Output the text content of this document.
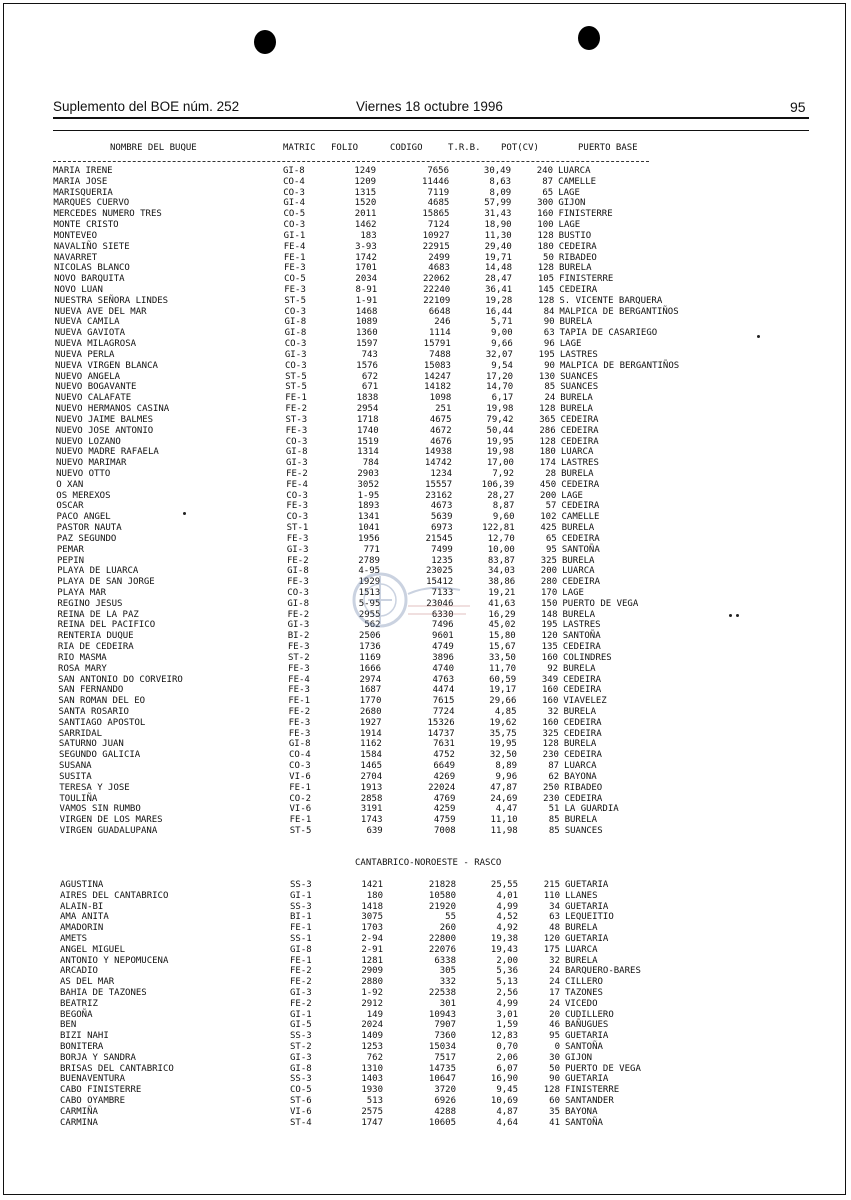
Suplemento del BOE núm. 252	Viernes 18 octubre 1996	95
NOMBRE DEL BUQUE	MATRIC FOLIO	CODIGO	T.R.B. POT(CV)	PUERTO BASE
MARIA IRENE	GI-8	1249	7656	30,49	240 LUARCA
MARIA JOSE	CO-4	1209	11446	8,63	87 CAMELLE
MARISQUERIA	CO-3	1315	7119	8,09	65 LAGE
MARQUES CUERVO	GI-4	1520	4685	57,99	300 GIJON
MERCEDES NUMERO TRES	CO-5	2011	15865	31,43	160 FINISTERRE
MONTE CRISTO	CO-3	1462	7124	18,90	100 LAGE
MONTEVEO	GI-1	183	10927	11,30	128 BUSTIO
NAVALIÑO SIETE	FE-4	3-93	22915	29,40	180 CEDEIRA
NAVARRET	FE-1	1742	2499	19,71	50 RIBADEO
NICOLAS BLANCO	FE-3	1701	4683	14,48	128 BURELA
NOVO BARQUITA	CO-5	2034	22062	28,47	105 FINISTERRE
NOVO LUAN	FE-3	8-91	22240	36,41	145 CEDEIRA
NUESTRA SEÑORA LINDES	ST-5	1-91	22109	19,28	128 S. VICENTE BARQUERA
NUEVA AVE DEL MAR	CO-3	1468	6648	16,44	84 MALPICA DE BERGANTIÑOS
NUEVA CAMILA	GI-8	1089	246	5,71	90 BURELA
NUEVA GAVIOTA	GI-8	1360	1114	9,00	63 TAPIA DE CASARIEGO
NUEVA MILAGROSA	CO-3	1597	15791	9,66	96 LAGE
NUEVA PERLA	GI-3	743	7488	32,07	195 LASTRES
NUEVA VIRGEN BLANCA	CO-3	1576	15083	9,54	90 MALPICA DE BERGANTIÑOS
NUEVO ANGELA	ST-5	672	14247	17,20	130 SUANCES
NUEVO BOGAVANTE	ST-5	671	14182	14,70	85 SUANCES
NUEVO CALAFATE	FE-1	1838	1098	6,17	24 BURELA
NUEVO HERMANOS CASINA	FE-2	2954	251	19,98	128 BURELA
NUEVO JAIME BALMES	ST-3	1718	4675	79,42	365 CEDEIRA
NUEVO JOSE ANTONIO	FE-3	1740	4672	50,44	286 CEDEIRA
NUEVO LOZANO	CO-3	1519	4676	19,95	128 CEDEIRA
NUEVO MADRE RAFAELA	GI-8	1314	14938	19,98	180 LUARCA
NUEVO MARIMAR	GI-3	784	14742	17,00	174 LASTRES
NUEVO OTTO	FE-2	2903	1234	7,92	28 BURELA
O XAN	FE-4	3052	15557	106,39	450 CEDEIRA
OS MEREXOS	CO-3	1-95	23162	28,27	200 LAGE
OSCAR	FE-3	1893	4673	8,87	57 CEDEIRA
PACO ANGEL	CO-3	1341	5639	9,60	102 CAMELLE
PASTOR NAUTA	ST-1	1041	6973	122,81	425 BURELA
PAZ SEGUNDO	FE-3	1956	21545	12,70	65 CEDEIRA
PEMAR	GI-3	771	7499	10,00	95 SANTOÑA
PEPIN	FE-2	2789	1235	83,87	325 BURELA
PLAYA DE LUARCA	GI-8	4-95	23025	34,03	200 LUARCA
PLAYA DE SAN JORGE	FE-3	1929	15412	38,86	280 CEDEIRA
PLAYA MAR	CO-3	1513	7133	19,21	170 LAGE
REGINO JESUS	GI-8	5-95	23046	41,63	150 PUERTO DE VEGA
REINA DE LA PAZ	FE-2	2955	6330	16,29	148 BURELA
REINA DEL PACIFICO	GI-3	562	7496	45,02	195 LASTRES
RENTERIA DUQUE	BI-2	2506	9601	15,80	120 SANTOÑA
RIA DE CEDEIRA	FE-3	1736	4749	15,67	135 CEDEIRA
RIO MASMA	ST-2	1169	3896	33,50	160 COLINDRES
ROSA MARY	FE-3	1666	4740	11,70	92 BURELA
SAN ANTONIO DO CORVEIRO	FE-4	2974	4763	60,59	349 CEDEIRA
SAN FERNANDO	FE-3	1687	4474	19,17	160 CEDEIRA
SAN ROMAN DEL EO	FE-1	1770	7615	29,66	160 VIAVELEZ
SANTA ROSARIO	FE-2	2680	7724	4,85	32 BURELA
SANTIAGO APOSTOL	FE-3	1927	15326	19,62	160 CEDEIRA
SARRIDAL	FE-3	1914	14737	35,75	325 CEDEIRA
SATURNO JUAN	GI-8	1162	7631	19,95	128 BURELA
SEGUNDO GALICIA	CO-4	1584	4752	32,50	230 CEDEIRA
SUSANA	CO-3	1465	6649	8,89	87 LUARCA
SUSITA	VI-6	2704	4269	9,96	62 BAYONA
TERESA Y JOSE	FE-1	1913	22024	47,87	250 RIBADEO
TOULIÑA	CO-2	2858	4769	24,69	230 CEDEIRA
VAMOS SIN RUMBO	VI-6	3191	4259	4,47	51 LA GUARDIA
VIRGEN DE LOS MARES	FE-1	1743	4759	11,10	85 BURELA
VIRGEN GUADALUPANA	ST-5	639	7008	11,98	85 SUANCES
CANTABRICO-NOROESTE - RASCO
AGUSTINA	SS-3	1421	21828	25,55	215 GUETARIA
AIRES DEL CANTABRICO	GI-1	180	10580	4,01	110 LLANES
ALAIN-BI	SS-3	1418	21920	4,99	34 GUETARIA
AMA ANITA	BI-1	3075	55	4,52	63 LEQUEITIO
AMADORIN	FE-1	1703	260	4,92	48 BURELA
AMETS	SS-1	2-94	22800	19,38	120 GUETARIA
ANGEL MIGUEL	GI-8	2-91	22076	19,43	175 LUARCA
ANTONIO Y NEPOMUCENA	FE-1	1281	6338	2,00	32 BURELA
ARCADIO	FE-2	2909	305	5,36	24 BARQUERO-BARES
AS DEL MAR	FE-2	2880	332	5,13	24 CILLERO
BAHIA DE TAZONES	GI-3	1-92	22538	2,56	17 TAZONES
BEATRIZ	FE-2	2912	301	4,99	24 VICEDO
BEGOÑA	GI-1	149	10943	3,01	20 CUDILLERO
BEN	GI-5	2024	7907	1,59	46 BAÑUGUES
BIZI NAHI	SS-3	1409	7360	12,83	95 GUETARIA
BONITERA	ST-2	1253	15034	0,70	0 SANTOÑA
BORJA Y SANDRA	GI-3	762	7517	2,06	30 GIJON
BRISAS DEL CANTABRICO	GI-8	1310	14735	6,07	50 PUERTO DE VEGA
BUENAVENTURA	SS-3	1403	10647	16,90	90 GUETARIA
CABO FINISTERRE	CO-5	1930	3720	9,45	128 FINISTERRE
CABO OYAMBRE	ST-6	513	6926	10,69	60 SANTANDER
CARMIÑA	VI-6	2575	4288	4,87	35 BAYONA
CARMINA	ST-4	1747	10605	4,64	41 SANTOÑA
